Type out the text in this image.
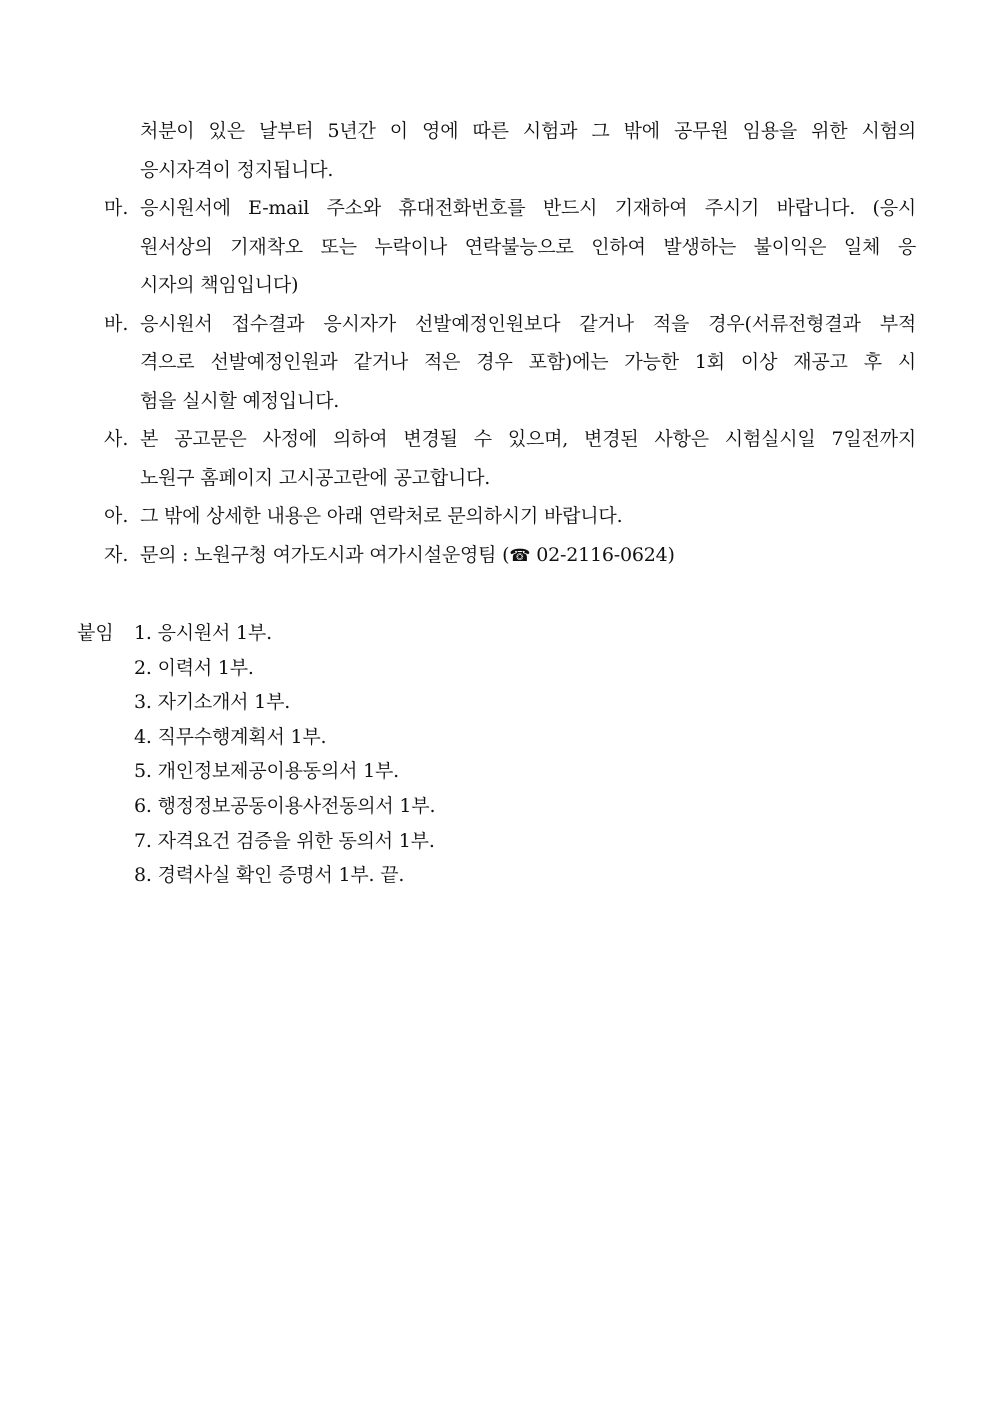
처분이 있은 날부터 5년간 이 영에 따른 시험과 그 밖에 공무원 임용을 위한 시험의
응시자격이 정지됩니다.
마. 응시원서에 E-mail 주소와 휴대전화번호를 반드시 기재하여 주시기 바랍니다. (응시
원서상의 기재착오 또는 누락이나 연락불능으로 인하여 발생하는 불이익은 일체 응
시자의 책임입니다)
바. 응시원서 접수결과 응시자가 선발예정인원보다 같거나 적을 경우(서류전형결과 부적
격으로 선발예정인원과 같거나 적은 경우 포함)에는 가능한 1회 이상 재공고 후 시
험을 실시할 예정입니다.
사. 본 공고문은 사정에 의하여 변경될 수 있으며, 변경된 사항은 시험실시일 7일전까지
노원구 홈페이지 고시공고란에 공고합니다.
아. 그 밖에 상세한 내용은 아래 연락처로 문의하시기 바랍니다.
자. 문의 : 노원구청 여가도시과 여가시설운영팀 (☎ 02-2116-0624)
붙임	1. 응시원서 1부.
2. 이력서 1부.
3. 자기소개서 1부.
4. 직무수행계획서 1부.
5. 개인정보제공이용동의서 1부.
6. 행정정보공동이용사전동의서 1부.
7. 자격요건 검증을 위한 동의서 1부.
8. 경력사실 확인 증명서 1부. 끝.
